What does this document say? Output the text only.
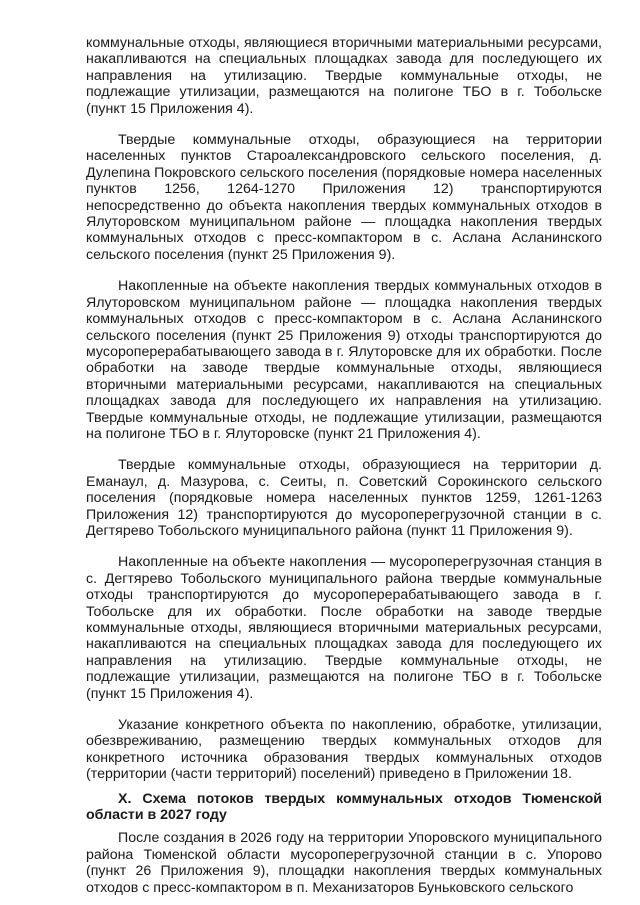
коммунальные отходы, являющиеся вторичными материальными ресурсами, накапливаются на специальных площадках завода для последующего их направления на утилизацию. Твердые коммунальные отходы, не подлежащие утилизации, размещаются на полигоне ТБО в г. Тобольске (пункт 15 Приложения 4).

Твердые коммунальные отходы, образующиеся на территории населенных пунктов Староалександровского сельского поселения, д. Дулепина Покровского сельского поселения (порядковые номера населенных пунктов 1256, 1264-1270 Приложения 12) транспортируются непосредственно до объекта накопления твердых коммунальных отходов в Ялуторовском муниципальном районе — площадка накопления твердых коммунальных отходов с пресс-компактором в с. Аслана Асланинского сельского поселения (пункт 25 Приложения 9).

Накопленные на объекте накопления твердых коммунальных отходов в Ялуторовском муниципальном районе — площадка накопления твердых коммунальных отходов с пресс-компактором в с. Аслана Асланинского сельского поселения (пункт 25 Приложения 9) отходы транспортируются до мусороперерабатывающего завода в г. Ялуторовске для их обработки. После обработки на заводе твердые коммунальные отходы, являющиеся вторичными материальными ресурсами, накапливаются на специальных площадках завода для последующего их направления на утилизацию. Твердые коммунальные отходы, не подлежащие утилизации, размещаются на полигоне ТБО в г. Ялуторовске (пункт 21 Приложения 4).

Твердые коммунальные отходы, образующиеся на территории д. Еманаул, д. Мазурова, с. Сеиты, п. Советский Сорокинского сельского поселения (порядковые номера населенных пунктов 1259, 1261-1263 Приложения 12) транспортируются до мусороперегрузочной станции в с. Дегтярево Тобольского муниципального района (пункт 11 Приложения 9).

Накопленные на объекте накопления — мусороперегрузочная станция в с. Дегтярево Тобольского муниципального района твердые коммунальные отходы транспортируются до мусороперерабатывающего завода в г. Тобольске для их обработки. После обработки на заводе твердые коммунальные отходы, являющиеся вторичными материальных ресурсами, накапливаются на специальных площадках завода для последующего их направления на утилизацию. Твердые коммунальные отходы, не подлежащие утилизации, размещаются на полигоне ТБО в г. Тобольске (пункт 15 Приложения 4).

Указание конкретного объекта по накоплению, обработке, утилизации, обезвреживанию, размещению твердых коммунальных отходов для конкретного источника образования твердых коммунальных отходов (территории (части территорий) поселений) приведено в Приложении 18.

X. Схема потоков твердых коммунальных отходов Тюменской области в 2027 году

После создания в 2026 году на территории Упоровского муниципального района Тюменской области мусороперегрузочной станции в с. Упорово (пункт 26 Приложения 9), площадки накопления твердых коммунальных отходов с пресс-компактором в п. Механизаторов Буньковского сельского
